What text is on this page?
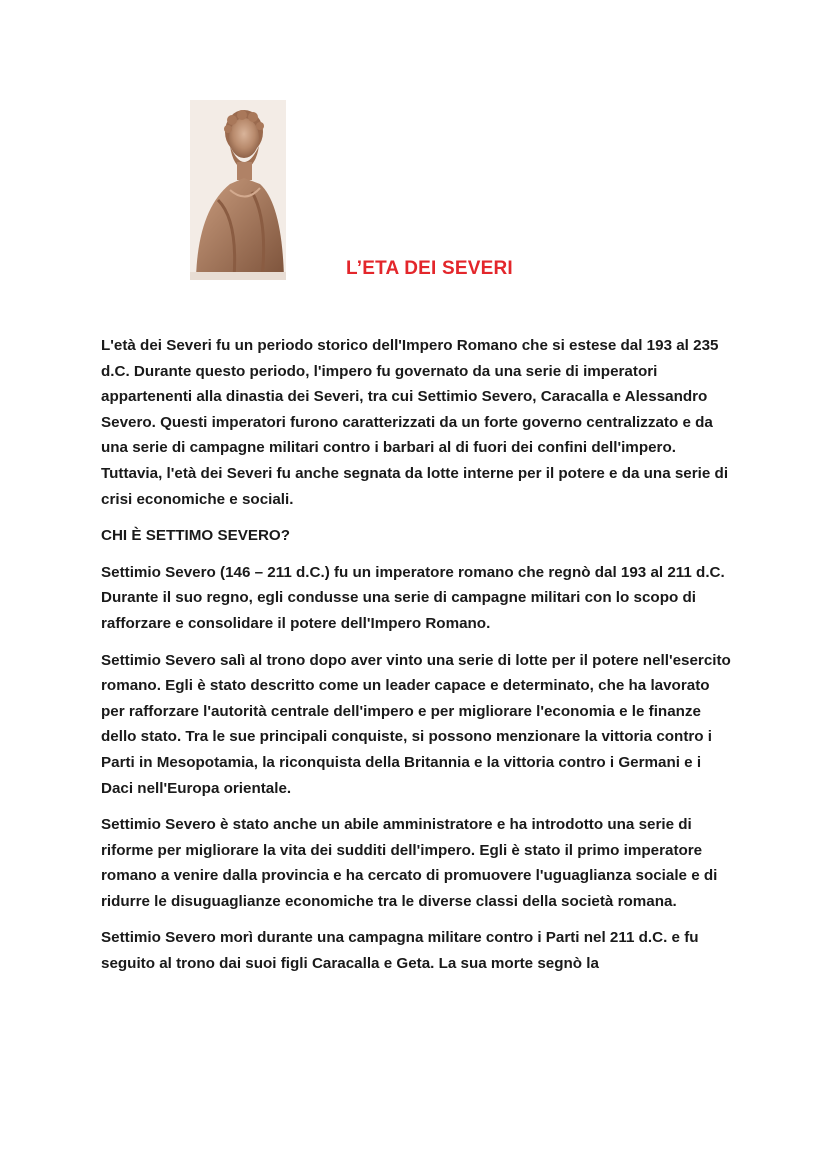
L’ETA DEI SEVERI

L'età dei Severi fu un periodo storico dell'Impero Romano che si estese dal 193 al 235 d.C. Durante questo periodo, l'impero fu governato da una serie di imperatori appartenenti alla dinastia dei Severi, tra cui Settimio Severo, Caracalla e Alessandro Severo. Questi imperatori furono caratterizzati da un forte governo centralizzato e da una serie di campagne militari contro i barbari al di fuori dei confini dell'impero. Tuttavia, l'età dei Severi fu anche segnata da lotte interne per il potere e da una serie di crisi economiche e sociali.

CHI È SETTIMO SEVERO?

Settimio Severo (146 – 211 d.C.) fu un imperatore romano che regnò dal 193 al 211 d.C. Durante il suo regno, egli condusse una serie di campagne militari con lo scopo di rafforzare e consolidare il potere dell'Impero Romano.

Settimio Severo salì al trono dopo aver vinto una serie di lotte per il potere nell'esercito romano. Egli è stato descritto come un leader capace e determinato, che ha lavorato per rafforzare l'autorità centrale dell'impero e per migliorare l'economia e le finanze dello stato. Tra le sue principali conquiste, si possono menzionare la vittoria contro i Parti in Mesopotamia, la riconquista della Britannia e la vittoria contro i Germani e i Daci nell'Europa orientale.

Settimio Severo è stato anche un abile amministratore e ha introdotto una serie di riforme per migliorare la vita dei sudditi dell'impero. Egli è stato il primo imperatore romano a venire dalla provincia e ha cercato di promuovere l'uguaglianza sociale e di ridurre le disuguaglianze economiche tra le diverse classi della società romana.

Settimio Severo morì durante una campagna militare contro i Parti nel 211 d.C. e fu seguito al trono dai suoi figli Caracalla e Geta. La sua morte segnò la
